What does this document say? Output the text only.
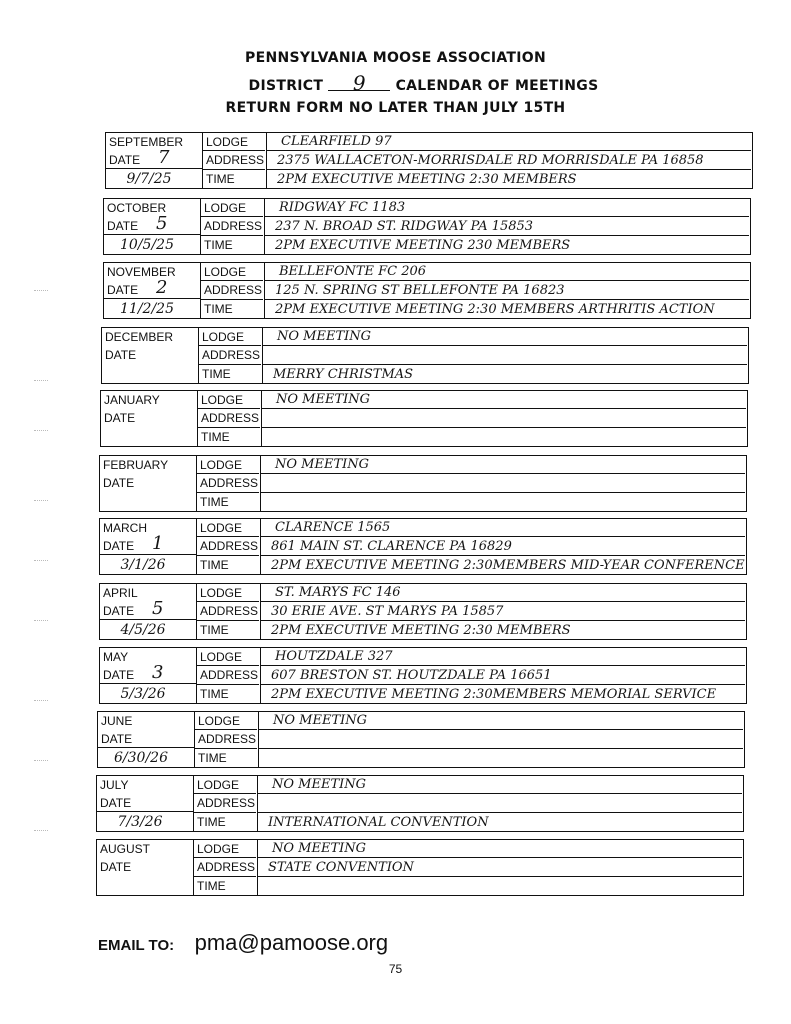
PENNSYLVANIA MOOSE ASSOCIATION
DISTRICT 9 CALENDAR OF MEETINGS
RETURN FORM NO LATER THAN JULY 15TH
SEPTEMBER
DATE 7
9/7/25
LODGE
ADDRESS
TIME
CLEARFIELD 97
2375 WALLACETON-MORRISDALE RD MORRISDALE PA 16858
2PM EXECUTIVE MEETING 2:30 MEMBERS
OCTOBER
DATE 5
10/5/25
LODGE
ADDRESS
TIME
RIDGWAY FC 1183
237 N. BROAD ST. RIDGWAY PA 15853
2PM EXECUTIVE MEETING 230 MEMBERS
NOVEMBER
DATE 2
11/2/25
LODGE
ADDRESS
TIME
BELLEFONTE FC 206
125 N. SPRING ST BELLEFONTE PA 16823
2PM EXECUTIVE MEETING 2:30 MEMBERS ARTHRITIS ACTION
DECEMBER
DATE
LODGE
ADDRESS
TIME
NO MEETING
MERRY CHRISTMAS
JANUARY
DATE
LODGE
ADDRESS
TIME
NO MEETING
FEBRUARY
DATE
LODGE
ADDRESS
TIME
NO MEETING
MARCH
DATE 1
3/1/26
LODGE
ADDRESS
TIME
CLARENCE 1565
861 MAIN ST. CLARENCE PA 16829
2PM EXECUTIVE MEETING 2:30MEMBERS MID-YEAR CONFERENCE
APRIL
DATE 5
4/5/26
LODGE
ADDRESS
TIME
ST. MARYS FC 146
30 ERIE AVE. ST MARYS PA 15857
2PM EXECUTIVE MEETING 2:30 MEMBERS
MAY
DATE 3
5/3/26
LODGE
ADDRESS
TIME
HOUTZDALE 327
607 BRESTON ST. HOUTZDALE PA 16651
2PM EXECUTIVE MEETING 2:30MEMBERS MEMORIAL SERVICE
JUNE
DATE
6/30/26
LODGE
ADDRESS
TIME
NO MEETING
JULY
DATE
7/3/26
LODGE
ADDRESS
TIME
NO MEETING
INTERNATIONAL CONVENTION
AUGUST
DATE
LODGE
ADDRESS
TIME
NO MEETING
STATE CONVENTION
EMAIL TO: pma@pamoose.org
75
